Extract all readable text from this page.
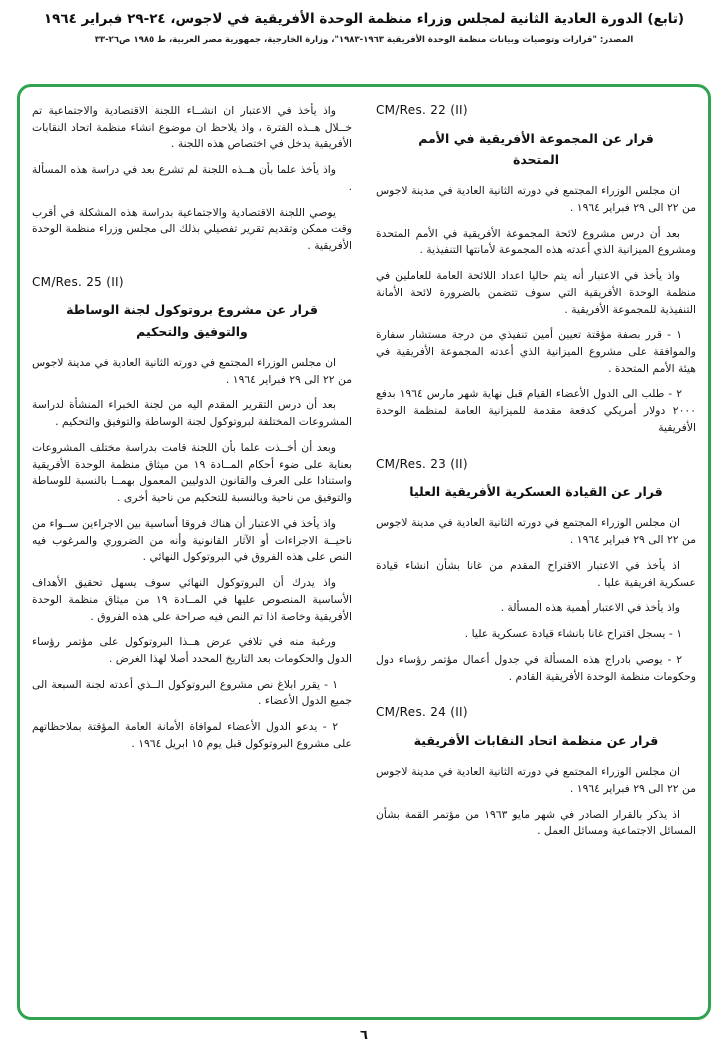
(تابع) الدورة العادية الثانية لمجلس وزراء منظمة الوحدة الأفريقية في لاجوس، ٢٤-٢٩ فبراير ١٩٦٤
المصدر: "قرارات وتوصيات وبيانات منظمة الوحدة الأفريقية ١٩٦٣-١٩٨٣"، وزارة الخارجية، جمهورية مصر العربية، ط ١٩٨٥ ص٢٦-٣٣
CM/Res. 22 (II)
قرار عن المجموعة الأفريقية في الأمم المتحدة

ان مجلس الوزراء المجتمع في دورته الثانية العادية في مدينة لاجوس من ٢٢ الى ٢٩ فبراير ١٩٦٤ .

بعد أن درس مشروع لائحة المجموعة الأفريقية في الأمم المتحدة ومشروع الميزانية الذي أعدته هذه المجموعة لأمانتها التنفيذية .

واذ يأخذ في الاعتبار أنه يتم حاليا اعداد اللائحة العامة للعاملين في منظمة الوحدة الأفريقية التي سوف تتضمن بالضرورة لائحة الأمانة التنفيذية للمجموعة الأفريقية .

١ - قرر بصفة مؤقتة تعيين أمين تنفيذي من درجة مستشار سفارة والموافقة على مشروع الميزانية الذي أعدته المجموعة الأفريقية في هيئة الأمم المتحدة .

٢ - طلب الى الدول الأعضاء القيام قبل نهاية شهر مارس ١٩٦٤ بدفع ٢٠٠٠ دولار أمريكي كدفعة مقدمة للميزانية العامة لمنظمة الوحدة الأفريقية

CM/Res. 23 (II)
قرار عن القيادة العسكرية الأفريقية العليا

ان مجلس الوزراء المجتمع في دورته الثانية العادية في مدينة لاجوس من ٢٢ الى ٢٩ فبراير ١٩٦٤ .

اذ يأخذ في الاعتبار الاقتراح المقدم من غانا بشأن انشاء قيادة عسكرية افريقية عليا .

واذ يأخذ في الاعتبار أهمية هذه المسألة .

١ - يسجل اقتراح غانا بانشاء قيادة عسكرية عليا .

٢ - يوصي بادراج هذه المسألة في جدول أعمال مؤتمر رؤساء دول وحكومات منظمة الوحدة الأفريقية القادم .

CM/Res. 24 (II)
قرار عن منظمة اتحاد النقابات الأفريقية

ان مجلس الوزراء المجتمع في دورته الثانية العادية في مدينة لاجوس من ٢٢ الى ٢٩ فبراير ١٩٦٤ .

اذ يذكر بالقرار الصادر في شهر مايو ١٩٦٣ من مؤتمر القمة بشأن المسائل الاجتماعية ومسائل العمل .

واذ يأخذ في الاعتبار ان انشــاء اللجنة الاقتصادية والاجتماعية تم خــلال هــذه الفترة ، واذ يلاحظ ان موضوع انشاء منظمة اتحاد النقابات الأفريقية يدخل في اختصاص هذه اللجنة .

واذ يأخذ علما بأن هــذه اللجنة لم تشرع بعد في دراسة هذه المسألة .

يوصي اللجنة الاقتصادية والاجتماعية بدراسة هذه المشكلة في أقرب وقت ممكن وتقديم تقرير تفصيلي بذلك الى مجلس وزراء منظمة الوحدة الأفريقية .

CM/Res. 25 (II)
قرار عن مشروع بروتوكول لجنة الوساطة والتوفيق والتحكيم

ان مجلس الوزراء المجتمع في دورته الثانية العادية في مدينة لاجوس من ٢٢ الى ٢٩ فبراير ١٩٦٤ .

بعد أن درس التقرير المقدم اليه من لجنة الخبراء المنشأة لدراسة المشروعات المختلفة لبروتوكول لجنة الوساطة والتوفيق والتحكيم .

وبعد أن أخــذت علما بأن اللجنة قامت بدراسة مختلف المشروعات بعناية على ضوء أحكام المــادة ١٩ من ميثاق منظمة الوحدة الأفريقية واستنادا على العرف والقانون الدوليين المعمول بهمــا بالنسبة للوساطة والتوفيق من ناحية وبالنسبة للتحكيم من ناحية أخرى .

واذ يأخذ في الاعتبار أن هناك فروقا أساسية بين الاجراءين ســواء من ناحيــة الاجراءات أو الآثار القانونية وأنه من الضروري والمرغوب فيه النص على هذه الفروق في البروتوكول النهائي .

واذ يدرك أن البروتوكول النهائي سوف يسهل تحقيق الأهداف الأساسية المنصوص عليها في المــادة ١٩ من ميثاق منظمة الوحدة الأفريقية وخاصة اذا تم النص فيه صراحة على هذه الفروق .

ورغبة منه في تلافي عرض هــذا البروتوكول على مؤتمر رؤساء الدول والحكومات بعد التاريخ المحدد أصلا لهذا الغرض .

١ - يقرر ابلاغ نص مشروع البروتوكول الــذي أعدته لجنة السبعة الى جميع الدول الأعضاء .

٢ - يدعو الدول الأعضاء لموافاة الأمانة العامة المؤقتة بملاحظاتهم على مشروع البروتوكول قبل يوم ١٥ ابريل ١٩٦٤ .

٦
